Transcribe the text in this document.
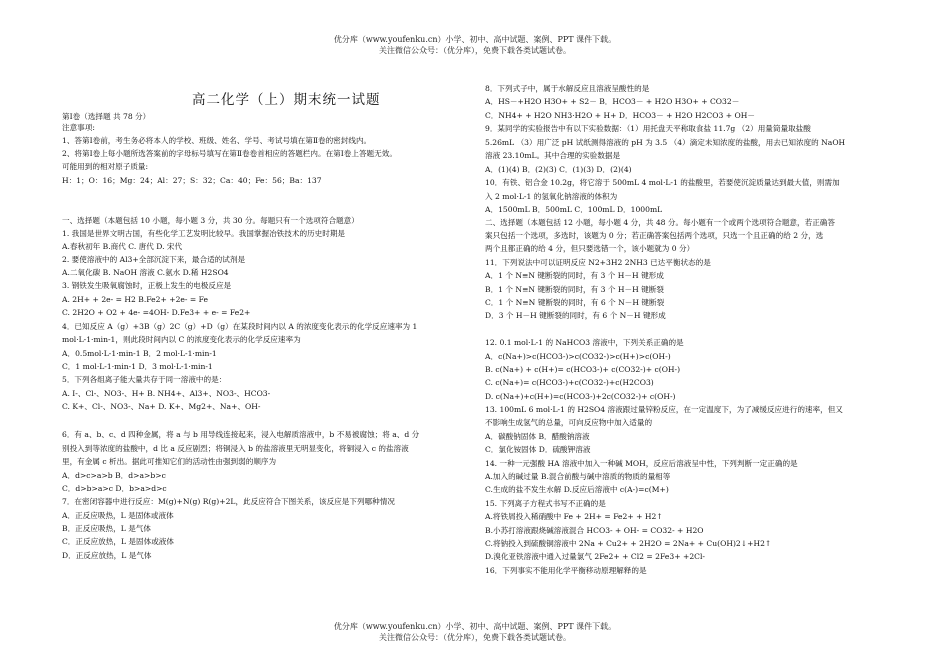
优分库（www.youfenku.cn）小学、初中、高中试题、案例、PPT 课件下载。
关注微信公众号：（优分库），免费下载各类试题试卷。
高二化学（上）期末统一试题
第Ⅰ卷（选择题 共 78 分）
注意事项:
1、答第Ⅰ卷前，考生务必将本人的学校、班级、姓名、学号、考试号填在第Ⅱ卷的密封线内。
2、将第Ⅰ卷上每小题所选答案前的字母标号填写在第Ⅱ卷卷首相应的答题栏内。在第Ⅰ卷上答题无效。
可能用到的相对原子质量:
H：1；O：16；Mg：24；Al：27；S：32；Ca：40；Fe：56；Ba：137
一、选择题（本题包括 10 小题，每小题 3 分，共 30 分。每题只有一个选项符合题意）
1. 我国是世界文明古国，有些化学工艺发明比较早。我国掌握冶铁技术的历史时期是
A.春秋初年 B.商代 C. 唐代 D. 宋代
2. 要使溶液中的 Al3+全部沉淀下来，最合适的试剂是
A.二氧化碳 B. NaOH 溶液 C.氨水 D.稀 H2SO4
3. 钢铁发生吸氧腐蚀时，正极上发生的电极反应是
A. 2H+ + 2e- = H2 B.Fe2+ +2e- = Fe
C. 2H2O + O2 + 4e- =4OH- D.Fe3+ + e- = Fe2+
4．已知反应 A（g）+3B（g）2C（g）+D（g）在某段时间内以 A 的浓度变化表示的化学反应速率为 1
mol·L-1·min-1，则此段时间内以 C 的浓度变化表示的化学反应速率为
A．0.5mol·L-1·min-1 B．2 mol·L-1·min-1
C．1 mol·L-1·min-1 D．3 mol·L-1·min-1
5．下列各组离子能大量共存于同一溶液中的是：
A. I-、Cl-、NO3-、H+ B. NH4+、Al3+、NO3-、HCO3-
C. K+、Cl-、NO3-、Na+ D. K+、Mg2+、Na+、OH-
6．有 a、b、c、d 四种金属，将 a 与 b 用导线连接起来，浸入电解质溶液中，b 不易被腐蚀；将 a、d 分
别投入到等浓度的盐酸中，d 比 a 反应剧烈；将铜浸入 b 的盐溶液里无明显变化，将铜浸入 c 的盐溶液
里，有金属 c 析出。据此可推知它们的活动性由强到弱的顺序为
A．d>c>a>b B．d>a>b>c
C．d>b>a>c D．b>a>d>c
7．在密闭容器中进行反应：M(g)+N(g) R(g)+2L，此反应符合下图关系，该反应是下列哪种情况
A．正反应吸热，L 是固体或液体
B．正反应吸热，L 是气体
C．正反应放热，L 是固体或液体
D．正反应放热，L 是气体
8．下列式子中，属于水解反应且溶液呈酸性的是
A．HS－+H2O H3O+ + S2－ B．HCO3－ + H2O H3O+ + CO32－
C．NH4+ + H2O NH3·H2O + H+ D．HCO3－ + H2O H2CO3 + OH－
9．某同学的实验报告中有以下实验数据：（1）用托盘天平称取食盐 11.7g （2）用量筒量取盐酸
5.26mL （3）用广泛 pH 试纸测得溶液的 pH 为 3.5 （4）滴定未知浓度的盐酸，用去已知浓度的 NaOH
溶液 23.10mL。其中合理的实验数据是
A．(1)(4) B．(2)(3) C．(1)(3) D．(2)(4)
10．有铁、铝合金 10.2g，将它溶于 500mL 4 mol·L-1 的盐酸里，若要使沉淀质量达到最大值，则需加
入 2 mol·L-1 的氢氧化钠溶液的体积为
A．1500mL B．500mL C．100mL D．1000mL
二、选择题（本题包括 12 小题，每小题 4 分，共 48 分。每小题有一个或两个选项符合题意，若正确答
案只包括一个选项，多选时，该题为 0 分；若正确答案包括两个选项，只选一个且正确的给 2 分，选
两个且都正确的给 4 分，但只要选错一个，该小题就为 0 分）
11．下列说法中可以证明反应 N2+3H2 2NH3 已达平衡状态的是
A．1 个 N≡N 键断裂的同时，有 3 个 H－H 键形成
B．1 个 N≡N 键断裂的同时，有 3 个 H－H 键断裂
C．1 个 N≡N 键断裂的同时，有 6 个 N－H 键断裂
D．3 个 H－H 键断裂的同时，有 6 个 N－H 键形成
12. 0.1 mol·L-1 的 NaHCO3 溶液中，下列关系正确的是
A．c(Na+)>c(HCO3-)>c(CO32-)>c(H+)>c(OH-)
B. c(Na+) + c(H+)= c(HCO3-)+ c(CO32-)+ c(OH-)
C. c(Na+)= c(HCO3-)+c(CO32-)+c(H2CO3)
D. c(Na+)+c(H+)=c(HCO3-)+2c(CO32-)+ c(OH-)
13. 100mL 6 mol·L-1 的 H2SO4 溶液跟过量锌粉反应，在一定温度下，为了减缓反应进行的速率，但又
不影响生成氢气的总量，可向反应物中加入适量的
A．碳酸钠固体 B．醋酸钠溶液
C．氯化铵固体 D．硫酸钾溶液
14. 一种一元强酸 HA 溶液中加入一种碱 MOH，反应后溶液呈中性，下列判断一定正确的是
A.加入的碱过量 B.混合前酸与碱中溶质的物质的量相等
C.生成的盐不发生水解 D.反应后溶液中 c(A-)=c(M+)
15. 下列离子方程式书写不正确的是
A.将铁屑投入稀硝酸中 Fe + 2H+ = Fe2+ + H2↑
B.小苏打溶液跟烧碱溶液混合 HCO3- + OH- = CO32- + H2O
C.将钠投入到硫酸铜溶液中 2Na + Cu2+ + 2H2O = 2Na+ + Cu(OH)2↓+H2↑
D.溴化亚铁溶液中通入过量氯气 2Fe2+ + Cl2 = 2Fe3+ +2Cl-
16．下列事实不能用化学平衡移动原理解释的是
优分库（www.youfenku.cn）小学、初中、高中试题、案例、PPT 课件下载。
关注微信公众号：（优分库），免费下载各类试题试卷。
